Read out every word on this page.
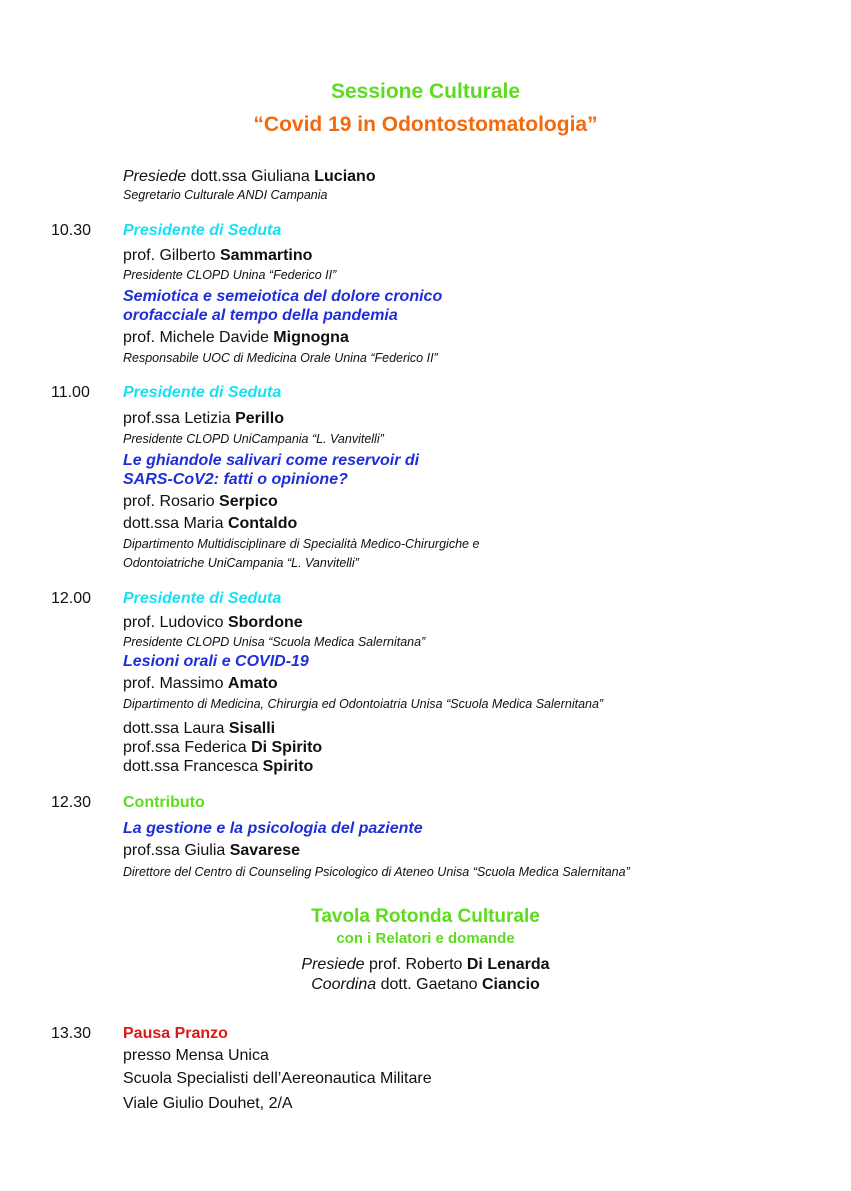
Sessione Culturale
“Covid 19 in Odontostomatologia”
Presiede dott.ssa Giuliana Luciano
Segretario Culturale ANDI Campania
10.30 Presidente di Seduta
prof. Gilberto Sammartino
Presidente CLOPD Unina “Federico II”
Semiotica e semeiotica del dolore cronico
orofacciale al tempo della pandemia
prof. Michele Davide Mignogna
Responsabile UOC di Medicina Orale Unina “Federico II”
11.00 Presidente di Seduta
prof.ssa Letizia Perillo
Presidente CLOPD UniCampania “L. Vanvitelli”
Le ghiandole salivari come reservoir di
SARS-CoV2: fatti o opinione?
prof. Rosario Serpico
dott.ssa Maria Contaldo
Dipartimento Multidisciplinare di Specialità Medico-Chirurgiche e
Odontoiatriche UniCampania “L. Vanvitelli”
12.00 Presidente di Seduta
prof. Ludovico Sbordone
Presidente CLOPD Unisa “Scuola Medica Salernitana”
Lesioni orali e COVID-19
prof. Massimo Amato
Dipartimento di Medicina, Chirurgia ed Odontoiatria Unisa “Scuola Medica Salernitana”
dott.ssa Laura Sisalli
prof.ssa Federica Di Spirito
dott.ssa Francesca Spirito
12.30 Contributo
La gestione e la psicologia del paziente
prof.ssa Giulia Savarese
Direttore del Centro di Counseling Psicologico di Ateneo Unisa “Scuola Medica Salernitana”
Tavola Rotonda Culturale
con i Relatori e domande
Presiede prof. Roberto Di Lenarda
Coordina dott. Gaetano Ciancio
13.30 Pausa Pranzo
presso Mensa Unica
Scuola Specialisti dell’Aereonautica Militare
Viale Giulio Douhet, 2/A
